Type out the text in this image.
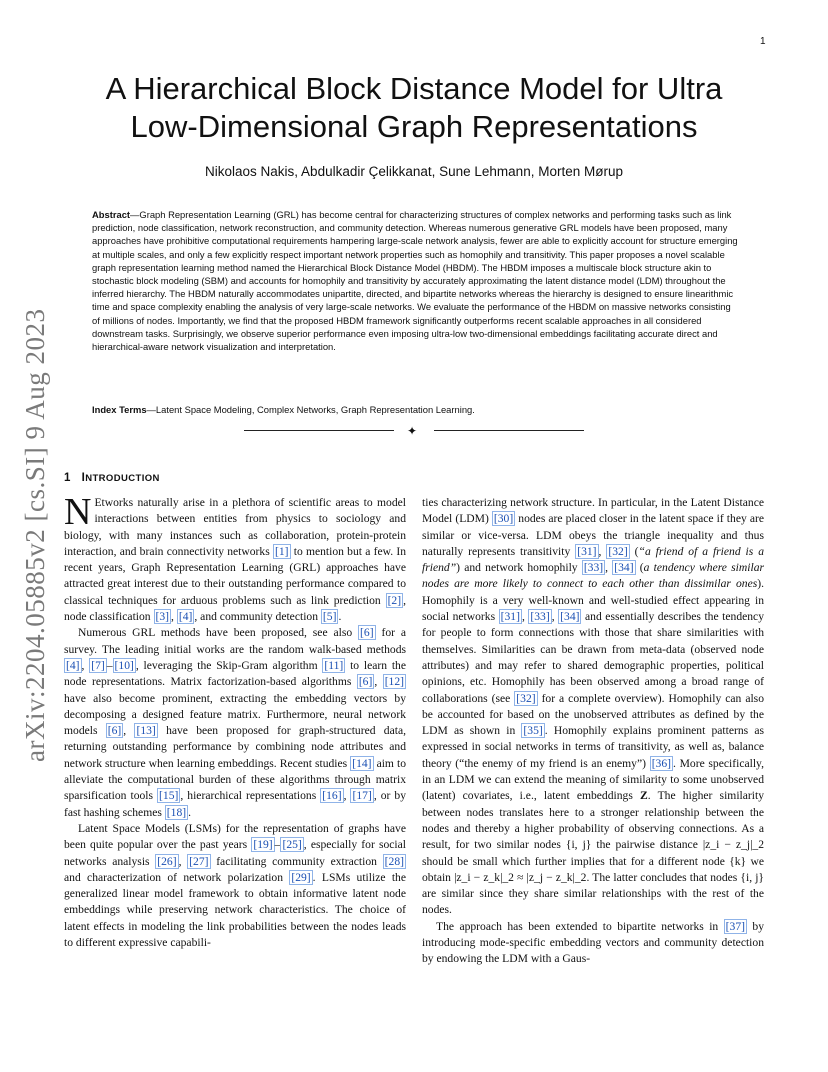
1
arXiv:2204.05885v2 [cs.SI] 9 Aug 2023
A Hierarchical Block Distance Model for Ultra
Low-Dimensional Graph Representations
Nikolaos Nakis, Abdulkadir Çelikkanat, Sune Lehmann, Morten Mørup
Abstract—Graph Representation Learning (GRL) has become central for characterizing structures of complex networks and performing tasks such as link prediction, node classification, network reconstruction, and community detection. Whereas numerous generative GRL models have been proposed, many approaches have prohibitive computational requirements hampering large-scale network analysis, fewer are able to explicitly account for structure emerging at multiple scales, and only a few explicitly respect important network properties such as homophily and transitivity. This paper proposes a novel scalable graph representation learning method named the Hierarchical Block Distance Model (HBDM). The HBDM imposes a multiscale block structure akin to stochastic block modeling (SBM) and accounts for homophily and transitivity by accurately approximating the latent distance model (LDM) throughout the inferred hierarchy. The HBDM naturally accommodates unipartite, directed, and bipartite networks whereas the hierarchy is designed to ensure linearithmic time and space complexity enabling the analysis of very large-scale networks. We evaluate the performance of the HBDM on massive networks consisting of millions of nodes. Importantly, we find that the proposed HBDM framework significantly outperforms recent scalable approaches in all considered downstream tasks. Surprisingly, we observe superior performance even imposing ultra-low two-dimensional embeddings facilitating accurate direct and hierarchical-aware network visualization and interpretation.
Index Terms—Latent Space Modeling, Complex Networks, Graph Representation Learning.
✦
1 INTRODUCTION

N Etworks naturally arise in a plethora of scientific areas to model interactions between entities from physics to sociology and biology, with many instances such as collaboration, protein-protein interaction, and brain connectivity networks [1] to mention but a few. In recent years, Graph Representation Learning (GRL) approaches have attracted great interest due to their outstanding performance compared to classical techniques for arduous problems such as link prediction [2] , node classification [3] , [4] , and community detection [5] .

Numerous GRL methods have been proposed, see also [6] for a survey. The leading initial works are the random walk-based methods [4] , [7] – [10] , leveraging the Skip-Gram algorithm [11] to learn the node representations. Matrix factorization-based algorithms [6] , [12] have also become prominent, extracting the embedding vectors by decomposing a designed feature matrix. Furthermore, neural network models [6] , [13] have been proposed for graph-structured data, returning outstanding performance by combining node attributes and network structure when learning embeddings. Recent studies [14] aim to alleviate the computational burden of these algorithms through matrix sparsification tools [15] , hierarchical representations [16] , [17] , or by fast hashing schemes [18] .

Latent Space Models (LSMs) for the representation of graphs have been quite popular over the past years [19] – [25] , especially for social networks analysis [26] , [27] facilitating community extraction [28] and characterization of network polarization [29] . LSMs utilize the generalized linear model framework to obtain informative latent node embeddings while preserving network characteristics. The choice of latent effects in modeling the link probabilities between the nodes leads to different expressive capabili-

ties characterizing network structure. In particular, in the Latent Distance Model (LDM) [30] nodes are placed closer in the latent space if they are similar or vice-versa. LDM obeys the triangle inequality and thus naturally represents transitivity [31] , [32] (“a friend of a friend is a friend”) and network homophily [33] , [34] (a tendency where similar nodes are more likely to connect to each other than dissimilar ones). Homophily is a very well-known and well-studied effect appearing in social networks [31] , [33] , [34] and essentially describes the tendency for people to form connections with those that share similarities with themselves. Similarities can be drawn from meta-data (observed node attributes) and may refer to shared demographic properties, political opinions, etc. Homophily has been observed among a broad range of collaborations (see [32] for a complete overview). Homophily can also be accounted for based on the unobserved attributes as defined by the LDM as shown in [35] . Homophily explains prominent patterns as expressed in social networks in terms of transitivity, as well as, balance theory (“the enemy of my friend is an enemy”) [36] . More specifically, in an LDM we can extend the meaning of similarity to some unobserved (latent) covariates, i.e., latent embeddings Z. The higher similarity between nodes translates here to a stronger relationship between the nodes and thereby a higher probability of observing connections. As a result, for two similar nodes {i, j} the pairwise distance |z_i − z_j|_2 should be small which further implies that for a different node {k} we obtain |z_i − z_k|_2 ≈ |z_j − z_k|_2. The latter concludes that nodes {i, j} are similar since they share similar relationships with the rest of the nodes.

The approach has been extended to bipartite networks in [37] by introducing mode-specific embedding vectors and community detection by endowing the LDM with a Gaus-
